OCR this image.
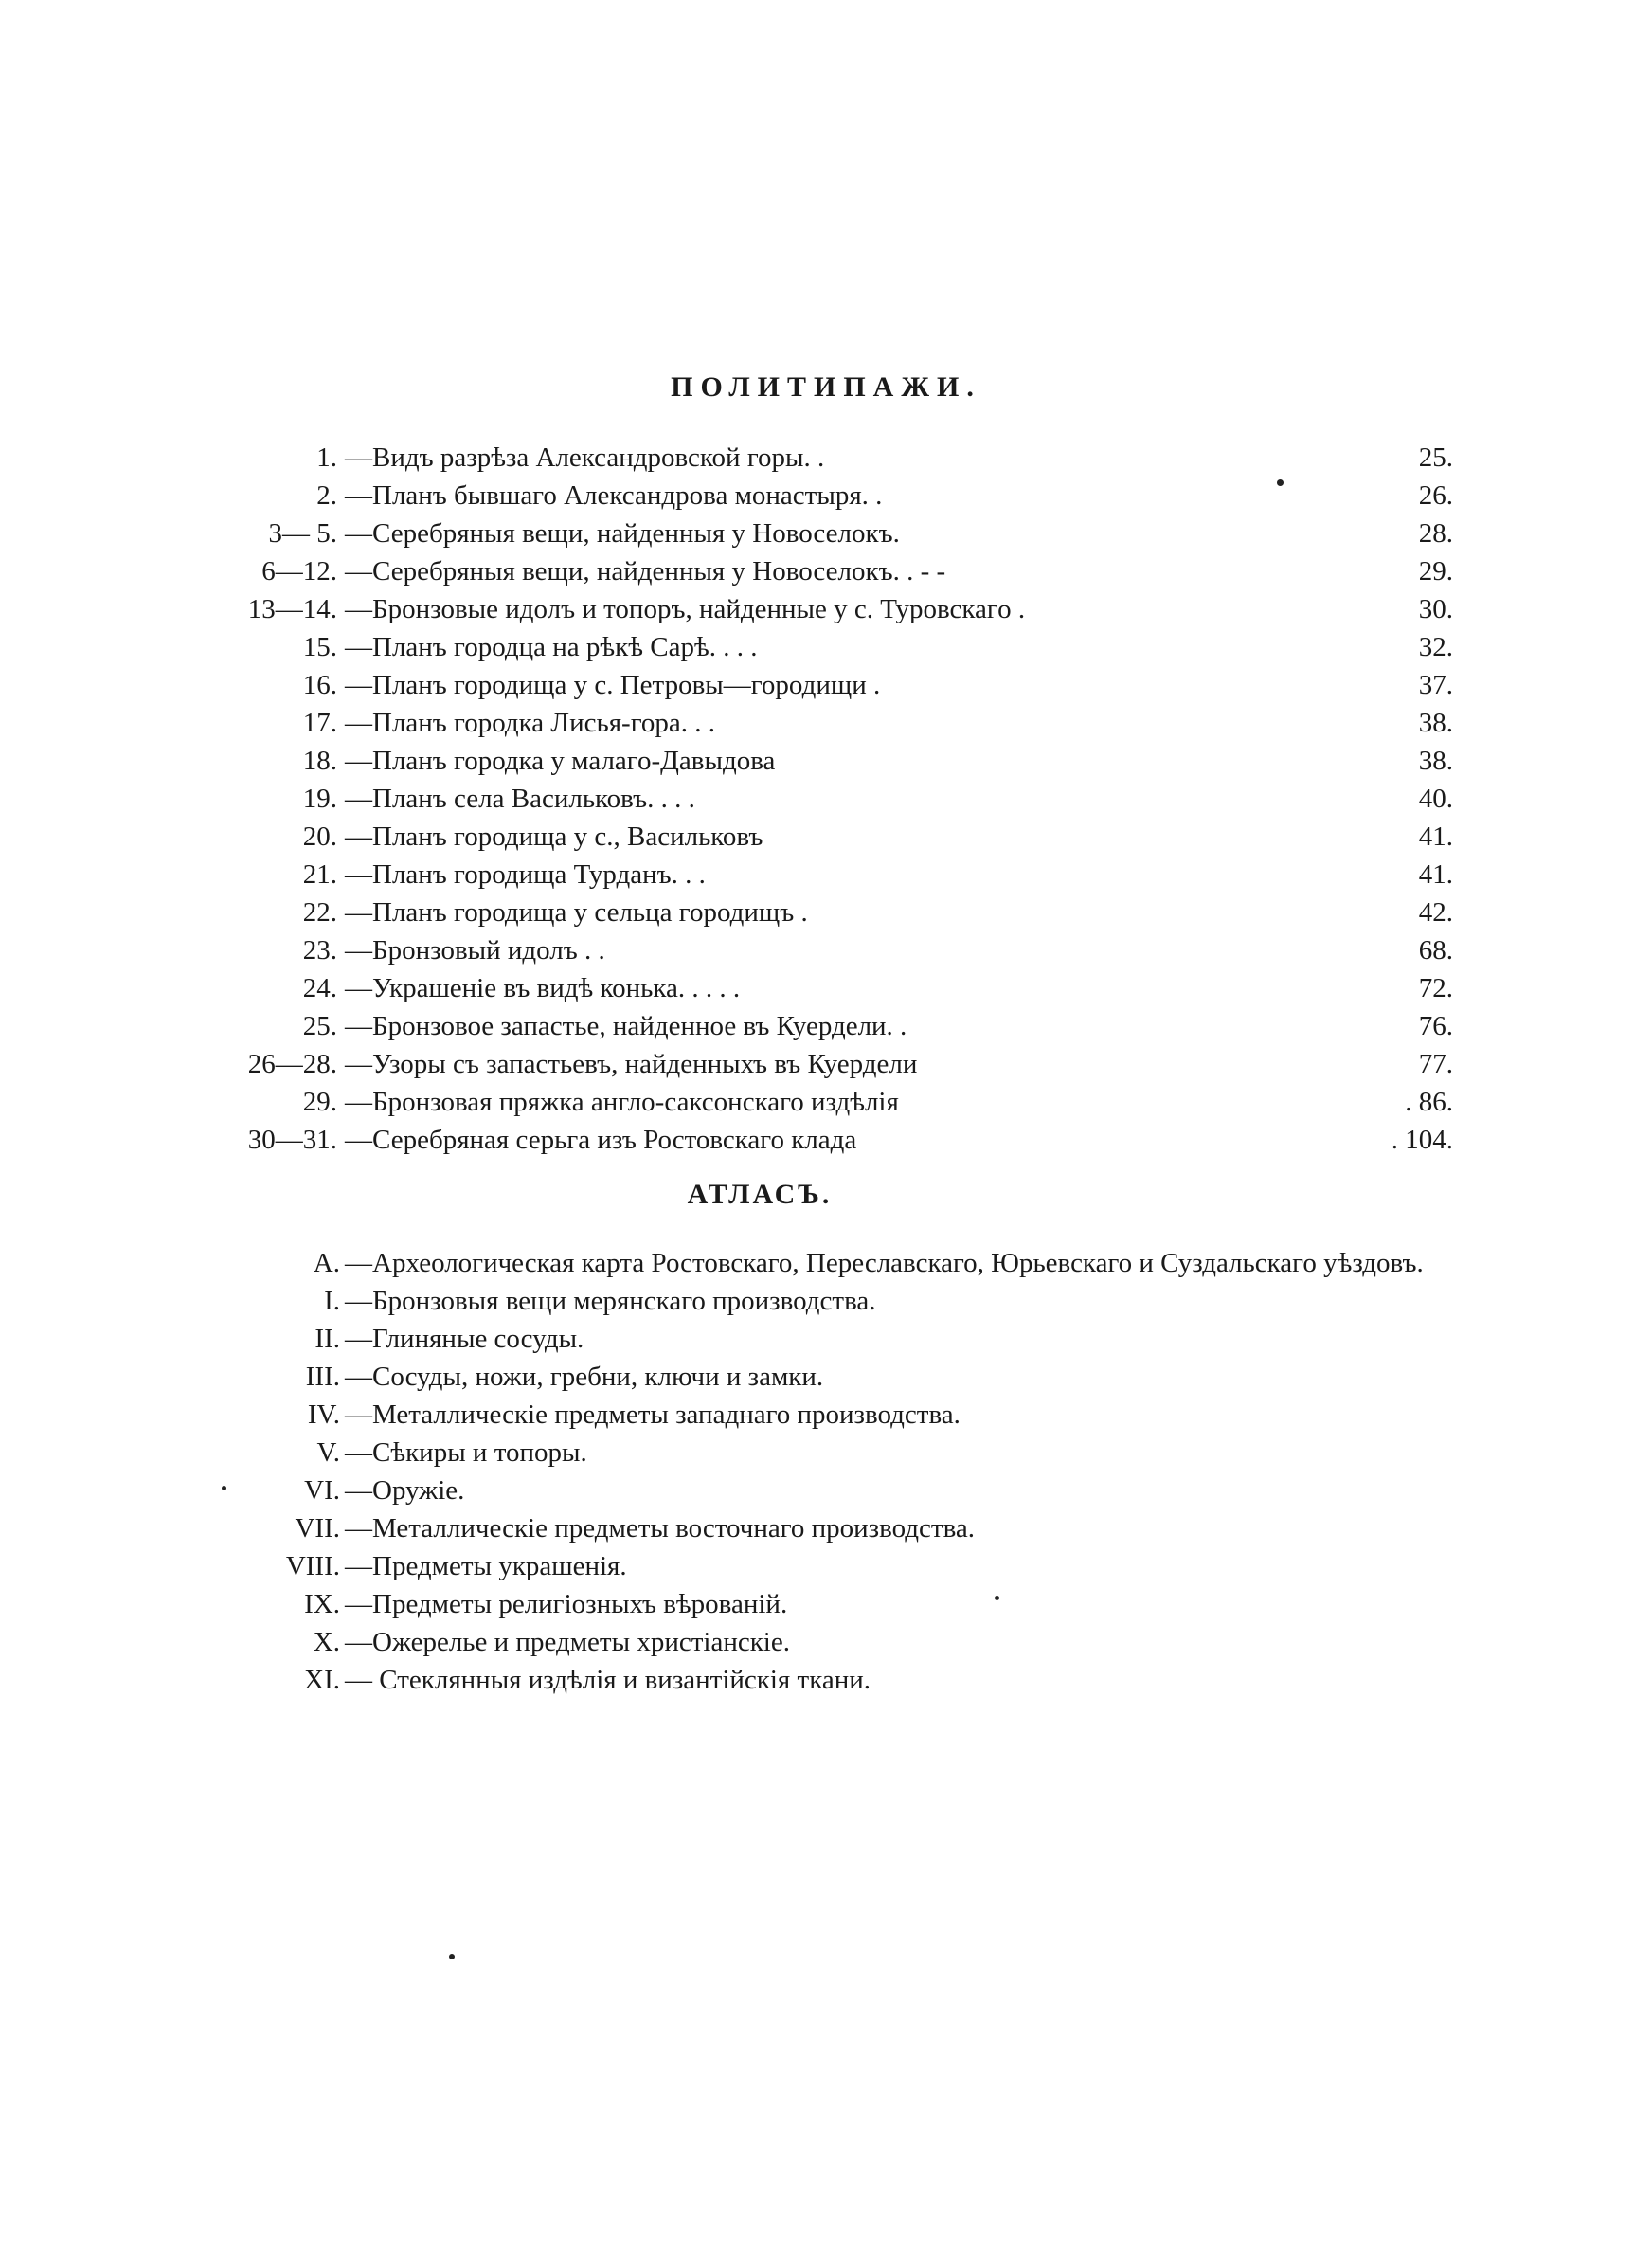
ПОЛИТИПАЖИ.
1. —Видъ разрѣза Александровской горы. .	25.
2. —Планъ бывшаго Александрова монастыря. .	26.
3— 5. —Серебряныя вещи, найденныя у Новоселокъ.	28.
6—12. —Серебряныя вещи, найденныя у Новоселокъ. . - -	29.
13—14. —Бронзовые идолъ и топоръ, найденные у с. Туровскаго .	30.
15. —Планъ городца на рѣкѣ Сарѣ. . . .	32.
16. —Планъ городища у с. Петровы—городищи .	37.
17. —Планъ городка Лисья-гора. . .	38.
18. —Планъ городка у малаго-Давыдова	38.
19. —Планъ села Васильковъ. . . .	40.
20. —Планъ городища у с., Васильковъ	41.
21. —Планъ городища Турданъ. . .	41.
22. —Планъ городища у сельца городищъ .	42.
23. —Бронзовый идолъ . .	68.
24. —Украшеніе въ видѣ конька. . . . .	72.
25. —Бронзовое запастье, найденное въ Куердели. .	76.
26—28. —Узоры съ запастьевъ, найденныхъ въ Куердели	77.
29. —Бронзовая пряжка англо-саксонскаго издѣлія	. 86.
30—31. —Серебряная серьга изъ Ростовскаго клада	. 104.
АТЛАСЪ.
А. —Археологическая карта Ростовскаго, Переславскаго, Юрьевскаго и Суздальскаго уѣздовъ.
I. —Бронзовыя вещи мерянскаго производства.
II. —Глиняные сосуды.
III. —Сосуды, ножи, гребни, ключи и замки.
IV. —Металлическіе предметы западнаго производства.
V. —Сѣкиры и топоры.
VI. —Оружіе.
VII. —Металлическіе предметы восточнаго производства.
VIII. —Предметы украшенія.
IX. —Предметы религіозныхъ вѣрованій.
X. —Ожерелье и предметы христіанскіе.
XI. — Стеклянныя издѣлія и византійскія ткани.
